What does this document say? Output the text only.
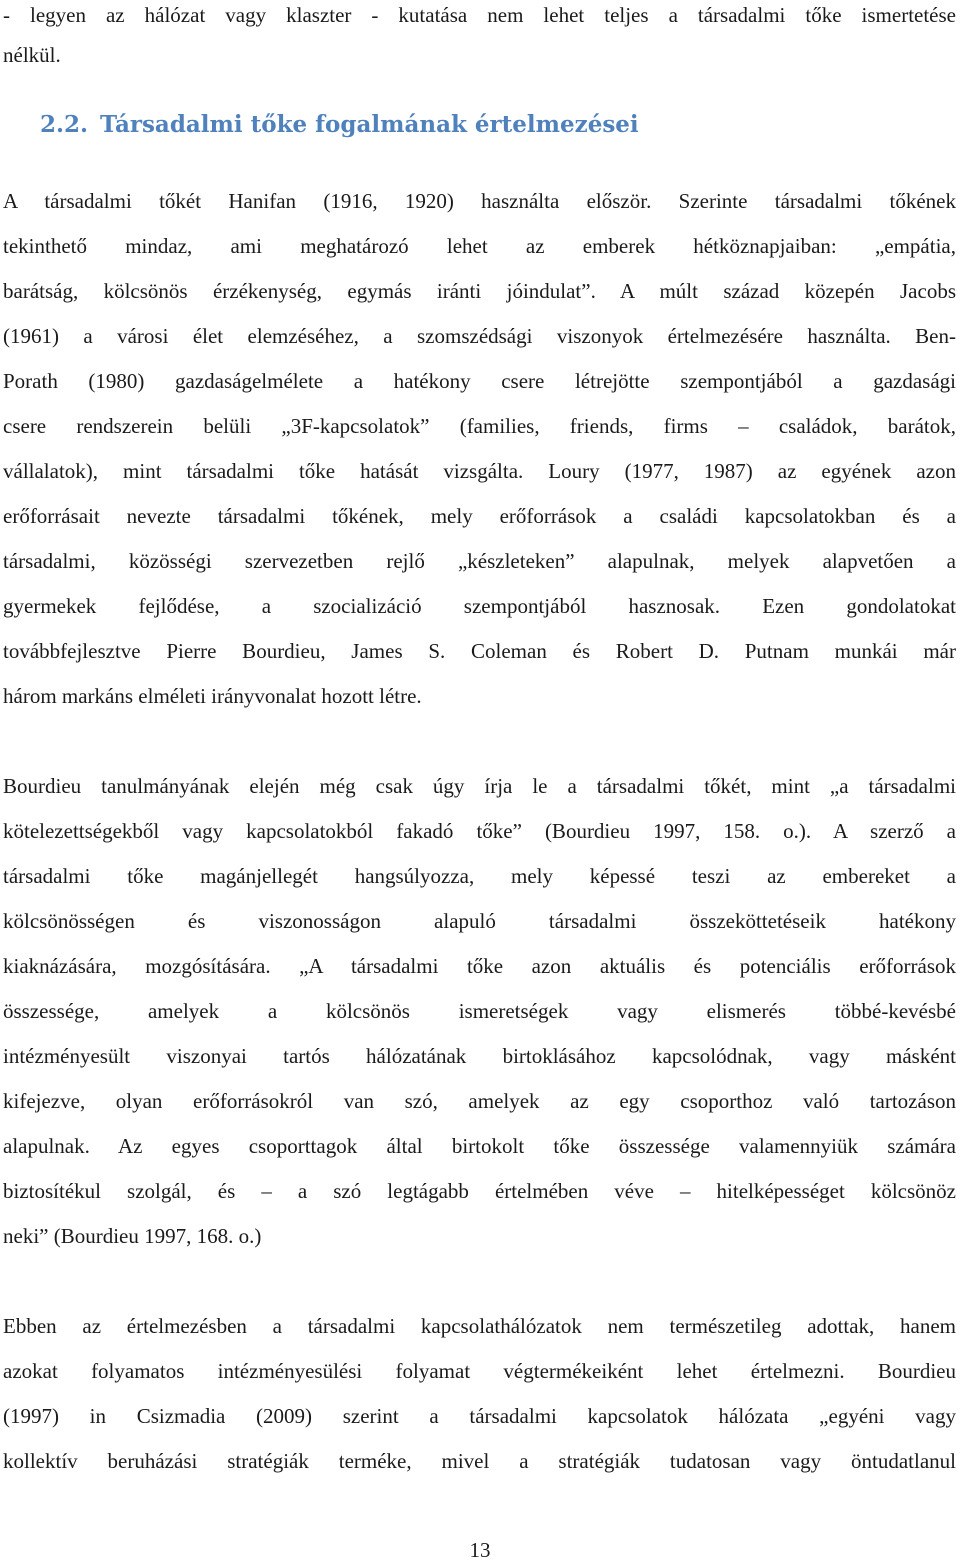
- legyen az hálózat vagy klaszter - kutatása nem lehet teljes a társadalmi tőke ismertetése
nélkül.
2.2. Társadalmi tőke fogalmának értelmezései
A társadalmi tőkét Hanifan (1916, 1920) használta először. Szerinte társadalmi tőkének
tekinthető mindaz, ami meghatározó lehet az emberek hétköznapjaiban: „empátia,
barátság, kölcsönös érzékenység, egymás iránti jóindulat”. A múlt század közepén Jacobs
(1961) a városi élet elemzéséhez, a szomszédsági viszonyok értelmezésére használta. Ben-
Porath (1980) gazdaságelmélete a hatékony csere létrejötte szempontjából a gazdasági
csere rendszerein belüli „3F-kapcsolatok” (families, friends, firms – családok, barátok,
vállalatok), mint társadalmi tőke hatását vizsgálta. Loury (1977, 1987) az egyének azon
erőforrásait nevezte társadalmi tőkének, mely erőforrások a családi kapcsolatokban és a
társadalmi, közösségi szervezetben rejlő „készleteken” alapulnak, melyek alapvetően a
gyermekek fejlődése, a szocializáció szempontjából hasznosak. Ezen gondolatokat
továbbfejlesztve Pierre Bourdieu, James S. Coleman és Robert D. Putnam munkái már
három markáns elméleti irányvonalat hozott létre.
Bourdieu tanulmányának elején még csak úgy írja le a társadalmi tőkét, mint „a társadalmi
kötelezettségekből vagy kapcsolatokból fakadó tőke” (Bourdieu 1997, 158. o.). A szerző a
társadalmi tőke magánjellegét hangsúlyozza, mely képessé teszi az embereket a
kölcsönösségen és viszonosságon alapuló társadalmi összeköttetéseik hatékony
kiaknázására, mozgósítására. „A társadalmi tőke azon aktuális és potenciális erőforrások
összessége, amelyek a kölcsönös ismeretségek vagy elismerés többé-kevésbé
intézményesült viszonyai tartós hálózatának birtoklásához kapcsolódnak, vagy másként
kifejezve, olyan erőforrásokról van szó, amelyek az egy csoporthoz való tartozáson
alapulnak. Az egyes csoporttagok által birtokolt tőke összessége valamennyiük számára
biztosítékul szolgál, és – a szó legtágabb értelmében véve – hitelképességet kölcsönöz
neki” (Bourdieu 1997, 168. o.)
Ebben az értelmezésben a társadalmi kapcsolathálózatok nem természetileg adottak, hanem
azokat folyamatos intézményesülési folyamat végtermékeiként lehet értelmezni. Bourdieu
(1997) in Csizmadia (2009) szerint a társadalmi kapcsolatok hálózata „egyéni vagy
kollektív beruházási stratégiák terméke, mivel a stratégiák tudatosan vagy öntudatlanul
13
